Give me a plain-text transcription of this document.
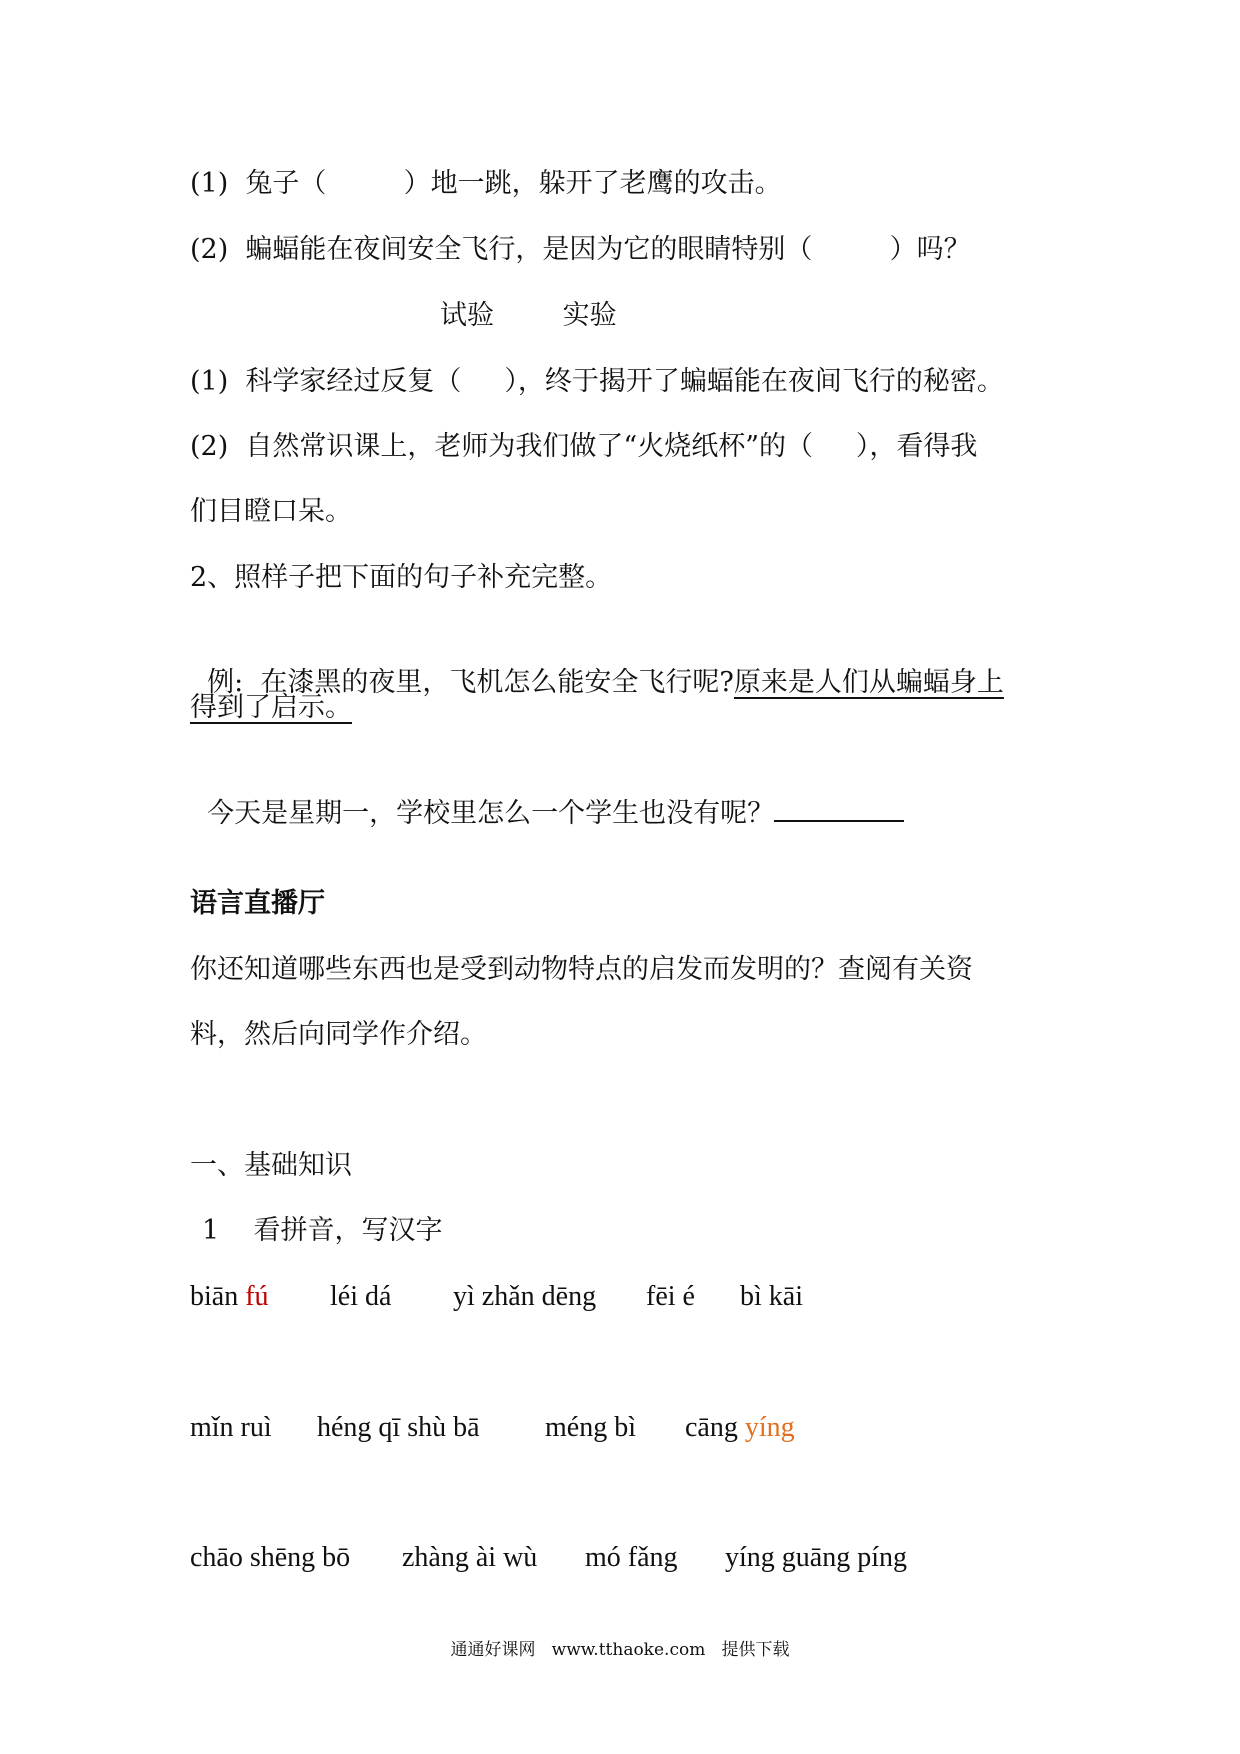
(1)  兔子（         ）地一跳，躲开了老鹰的攻击。
(2)  蝙蝠能在夜间安全飞行，是因为它的眼睛特别（         ）吗？
试验        实验
(1)  科学家经过反复（     ），终于揭开了蝙蝠能在夜间飞行的秘密。
(2)  自然常识课上，老师为我们做了“火烧纸杯”的（     ），看得我
们目瞪口呆。
2、照样子把下面的句子补充完整。

例:  在漆黑的夜里，飞机怎么能安全飞行呢?原来是人们从蝙蝠身上

得到了启示。

今天是星期一，学校里怎么一个学生也没有呢？

语言直播厅
你还知道哪些东西也是受到动物特点的启发而发明的？查阅有关资
料，然后向同学作介绍。
一、基础知识
1    看拼音，写汉字
biān fú léi dá yì zhǎn dēng fēi é bì kāi
mǐn ruì héng qī shù bā méng bì cāng yíng
chāo shēng bō zhàng ài wù mó fǎng yíng guāng píng
通通好课网   www.tthaoke.com   提供下载
